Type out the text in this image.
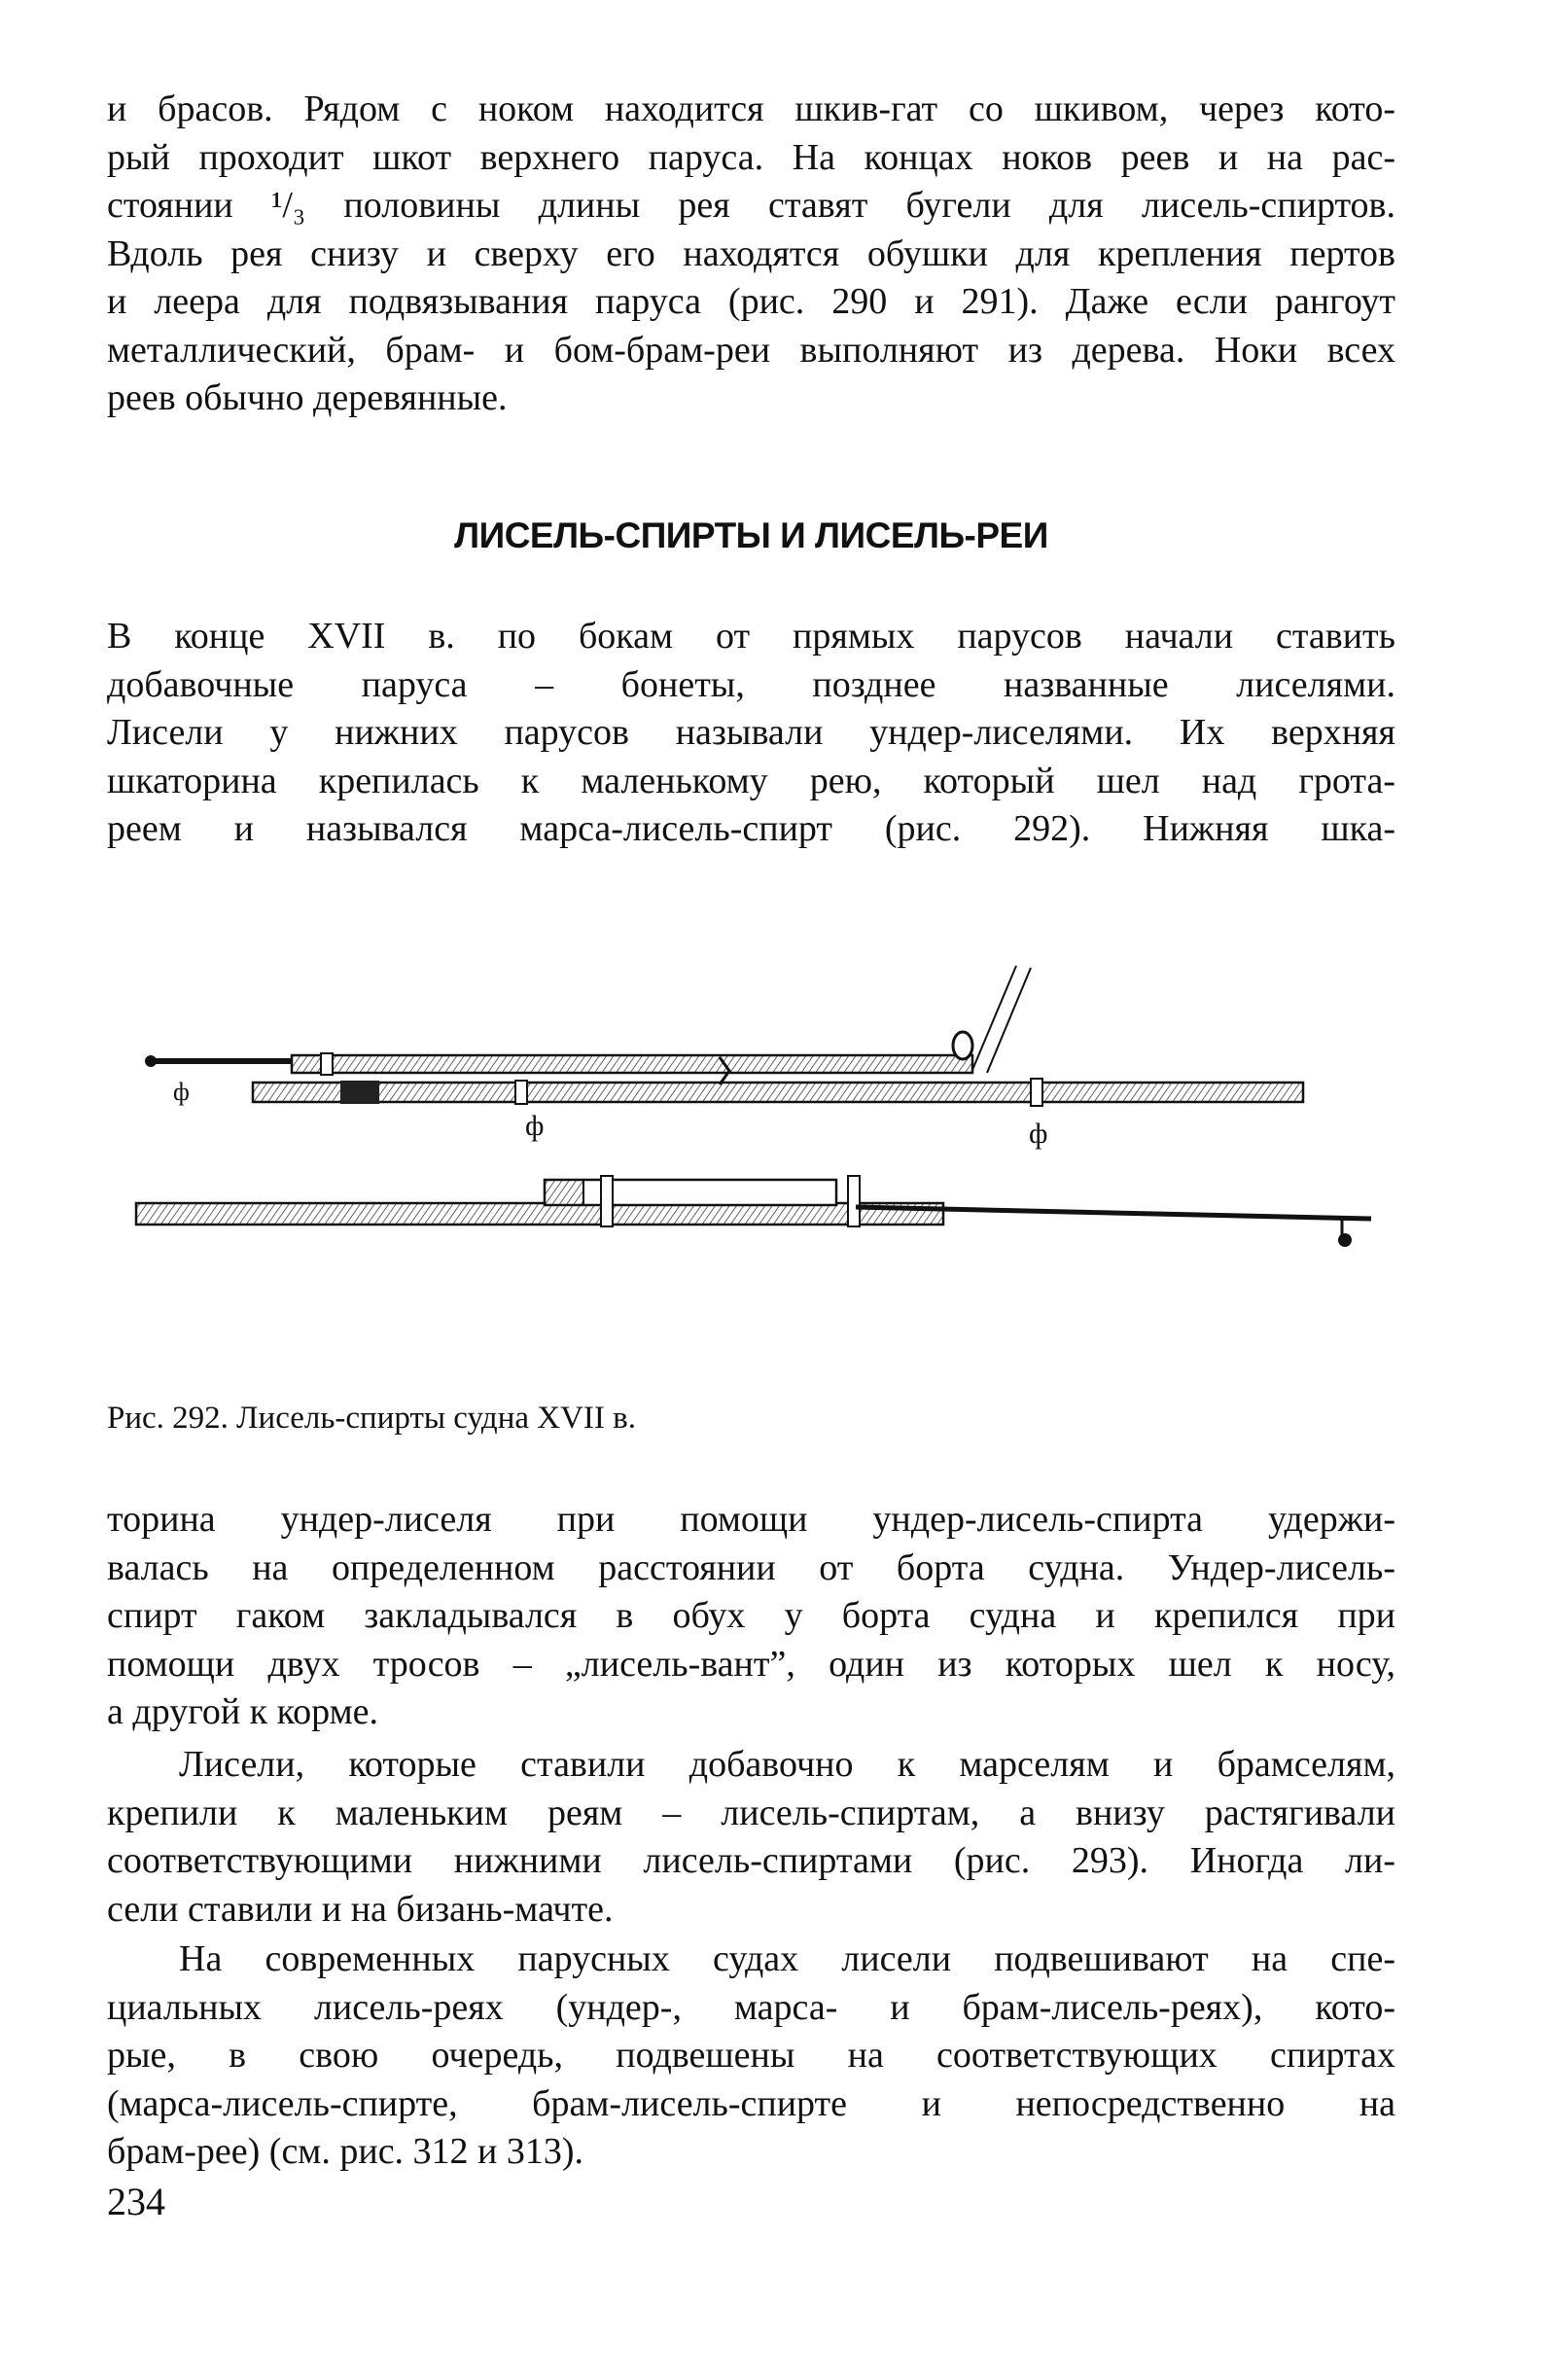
и брасов. Рядом с ноком находится шкив-гат со шкивом, через кото-
рый проходит шкот верхнего паруса. На концах ноков реев и на рас-
стоянии ¹/₃ половины длины рея ставят бугели для лисель-спиртов.
Вдоль рея снизу и сверху его находятся обушки для крепления пертов
и леера для подвязывания паруса (рис. 290 и 291). Даже если рангоут
металлический, брам- и бом-брам-реи выполняют из дерева. Ноки всех
реев обычно деревянные.
ЛИСЕЛЬ-СПИРТЫ И ЛИСЕЛЬ-РЕИ
В конце XVII в. по бокам от прямых парусов начали ставить
добавочные паруса – бонеты, позднее названные лиселями.
Лисели у нижних парусов называли ундер-лиселями. Их верхняя
шкаторина крепилась к маленькому рею, который шел над грота-
реем и назывался марса-лисель-спирт (рис. 292). Нижняя шка-
ф
ф	ф

Рис. 292. Лисель-спирты судна XVII в.

торина ундер-лиселя при помощи ундер-лисель-спирта удержи-
валась на определенном расстоянии от борта судна. Ундер-лисель-
спирт гаком закладывался в обух у борта судна и крепился при
помощи двух тросов – „лисель-вант”, один из которых шел к носу,
а другой к корме.
Лисели, которые ставили добавочно к марселям и брамселям,
крепили к маленьким реям – лисель-спиртам, а внизу растягивали
соответствующими нижними лисель-спиртами (рис. 293). Иногда ли-
сели ставили и на бизань-мачте.
На современных парусных судах лисели подвешивают на спе-
циальных лисель-реях (ундер-, марса- и брам-лисель-реях), кото-
рые, в свою очередь, подвешены на соответствующих спиртах
(марса-лисель-спирте, брам-лисель-спирте и непосредственно на
брам-рее) (см. рис. 312 и 313).

234
